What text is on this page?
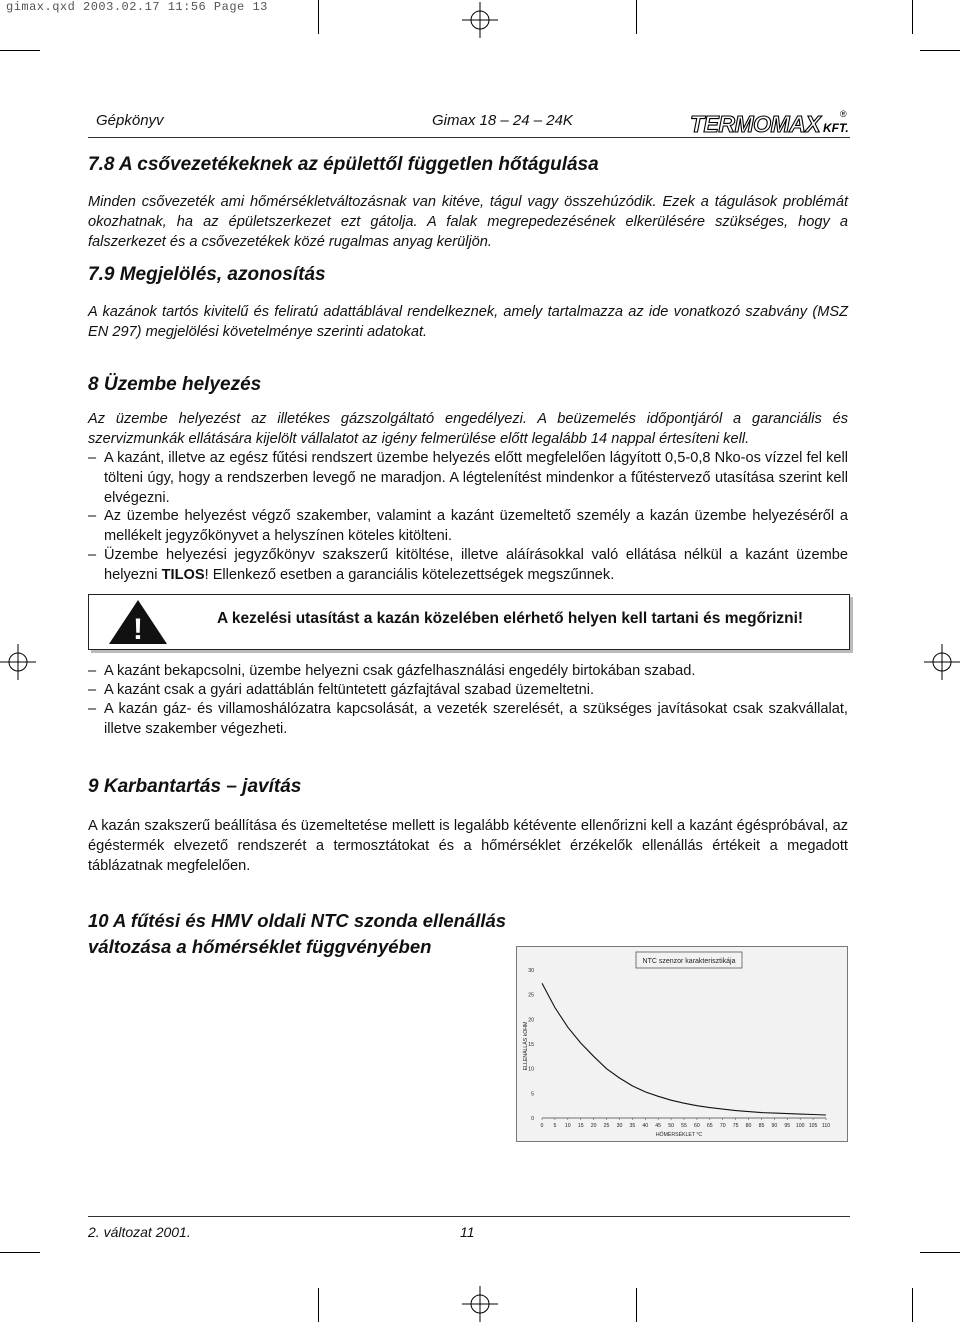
gimax.qxd 2003.02.17 11:56 Page 13
Gépkönyv	Gimax 18 – 24 – 24K	TERMOMAX KFT.
®
7.8 A csővezetékeknek az épülettől független hőtágulása

Minden csővezeték ami hőmérsékletváltozásnak van kitéve, tágul vagy összehúzódik. Ezek a tágulások problémát okozhatnak, ha az épületszerkezet ezt gátolja. A falak megrepedezésének elkerülésére szükséges, hogy a falszerkezet és a csővezetékek közé rugalmas anyag kerüljön.

7.9 Megjelölés, azonosítás

A kazánok tartós kivitelű és feliratú adattáblával rendelkeznek, amely tartalmazza az ide vonatkozó szabvány (MSZ EN 297) megjelölési követelménye szerinti adatokat.

8 Üzembe helyezés

Az üzembe helyezést az illetékes gázszolgáltató engedélyezi. A beüzemelés időpontjáról a garanciális és szervizmunkák ellátására kijelölt vállalatot az igény felmerülése előtt legalább 14 nappal értesíteni kell.

– A kazánt, illetve az egész fűtési rendszert üzembe helyezés előtt megfelelően lágyított 0,5-0,8 Nko-os vízzel fel kell tölteni úgy, hogy a rendszerben levegő ne maradjon. A légtelenítést mindenkor a fűtéstervező utasítása szerint kell elvégezni.
– Az üzembe helyezést végző szakember, valamint a kazánt üzemeltető személy a kazán üzembe helyezéséről a mellékelt jegyzőkönyvet a helyszínen köteles kitölteni.
– Üzembe helyezési jegyzőkönyv szakszerű kitöltése, illetve aláírásokkal való ellátása nélkül a kazánt üzembe helyezni TILOS! Ellenkező esetben a garanciális kötelezettségek megszűnnek.
!	A kezelési utasítást a kazán közelében elérhető helyen kell tartani és megőrizni!
– A kazánt bekapcsolni, üzembe helyezni csak gázfelhasználási engedély birtokában szabad.
– A kazánt csak a gyári adattáblán feltüntetett gázfajtával szabad üzemeltetni.
– A kazán gáz- és villamoshálózatra kapcsolását, a vezeték szerelését, a szükséges javításokat csak szakvállalat, illetve szakember végezheti.
9 Karbantartás – javítás

A kazán szakszerű beállítása és üzemeltetése mellett is legalább kétévente ellenőrizni kell a kazánt égéspróbával, az égéstermék elvezető rendszerét a termosztátokat és a hőmérséklet érzékelők ellenállás értékeit a megadott táblázatnak megfelelően.

10 A fűtési és HMV oldali NTC szonda ellenállás változása a hőmérséklet függvényében
NTC szenzor karakterisztikája
HŐMÉRSÉKLET °C
ELLENÁLLÁS kOHM
0
5
10
15
20
25
30
0 5 10 15 20 25 30 35 40 45 50 55 60 65 70 75 80 85 90 95 100 105 110
2. változat 2001.	11
